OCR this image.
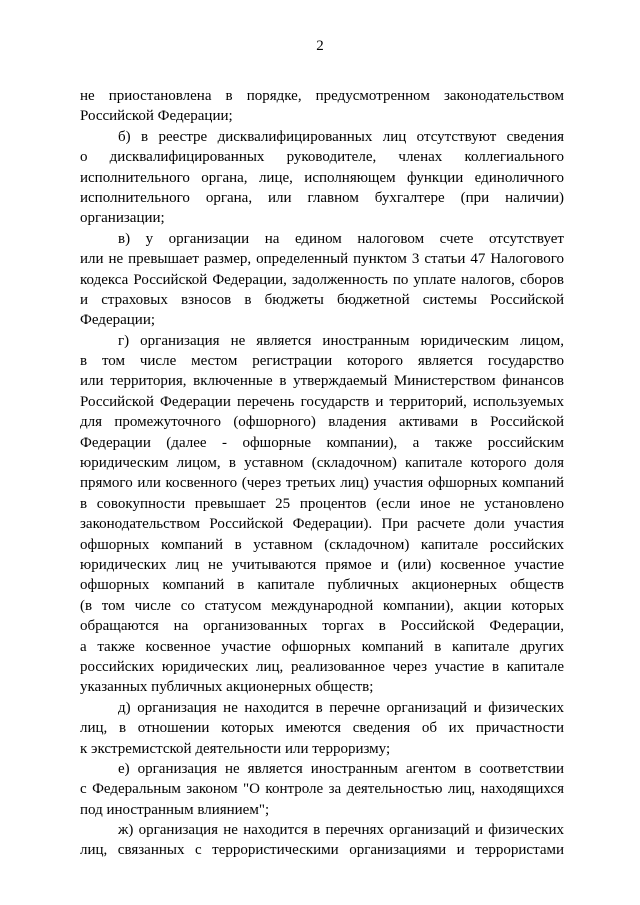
2
не приостановлена в порядке, предусмотренном законодательством
Российской Федерации;
б) в реестре дисквалифицированных лиц отсутствуют сведения
о дисквалифицированных руководителе, членах коллегиального
исполнительного органа, лице, исполняющем функции единоличного
исполнительного органа, или главном бухгалтере (при наличии)
организации;
в) у организации на едином налоговом счете отсутствует
или не превышает размер, определенный пунктом 3 статьи 47 Налогового
кодекса Российской Федерации, задолженность по уплате налогов, сборов
и страховых взносов в бюджеты бюджетной системы Российской
Федерации;
г) организация не является иностранным юридическим лицом,
в том числе местом регистрации которого является государство
или территория, включенные в утверждаемый Министерством финансов
Российской Федерации перечень государств и территорий, используемых
для промежуточного (офшорного) владения активами в Российской
Федерации (далее - офшорные компании), а также российским
юридическим лицом, в уставном (складочном) капитале которого доля
прямого или косвенного (через третьих лиц) участия офшорных компаний
в совокупности превышает 25 процентов (если иное не установлено
законодательством Российской Федерации). При расчете доли участия
офшорных компаний в уставном (складочном) капитале российских
юридических лиц не учитываются прямое и (или) косвенное участие
офшорных компаний в капитале публичных акционерных обществ
(в том числе со статусом международной компании), акции которых
обращаются на организованных торгах в Российской Федерации,
а также косвенное участие офшорных компаний в капитале других
российских юридических лиц, реализованное через участие в капитале
указанных публичных акционерных обществ;
д) организация не находится в перечне организаций и физических
лиц, в отношении которых имеются сведения об их причастности
к экстремистской деятельности или терроризму;
е) организация не является иностранным агентом в соответствии
с Федеральным законом "О контроле за деятельностью лиц, находящихся
под иностранным влиянием";
ж) организация не находится в перечнях организаций и физических
лиц, связанных с террористическими организациями и террористами
